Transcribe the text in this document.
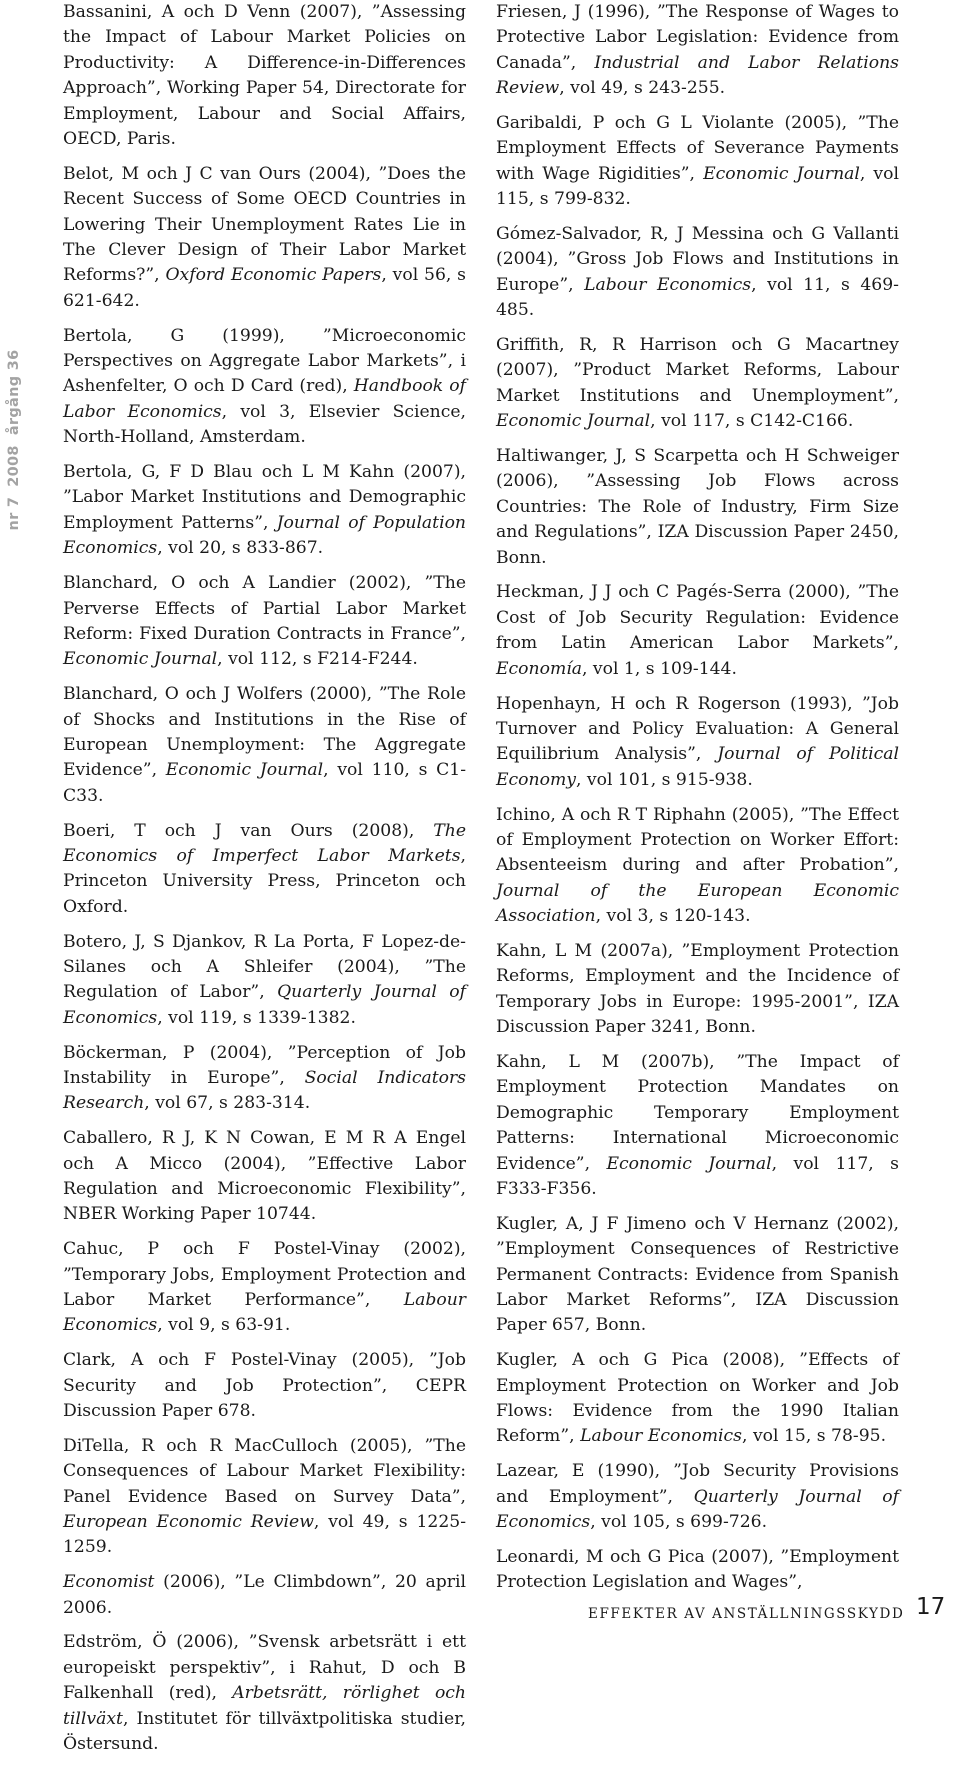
nr 72008årgång 36

Bassanini, A och D Venn (2007), ”Assessing the Impact of Labour Market Policies on Productivity: A Difference-in-Differences Approach”, Working Paper 54, Directorate for Employment, Labour and Social Affairs, OECD, Paris.

Belot, M och J C van Ours (2004), ”Does the Recent Success of Some OECD Countries in Lowering Their Unemployment Rates Lie in The Clever Design of Their Labor Market Reforms?”, Oxford Economic Papers, vol 56, s 621-642.

Bertola, G (1999), ”Microeconomic Perspectives on Aggregate Labor Markets”, i Ashenfelter, O och D Card (red), Handbook of Labor Economics, vol 3, Elsevier Science, North-Holland, Amsterdam.

Bertola, G, F D Blau och L M Kahn (2007), ”Labor Market Institutions and Demographic Employment Patterns”, Journal of Population Economics, vol 20, s 833-867.

Blanchard, O och A Landier (2002), ”The Perverse Effects of Partial Labor Market Reform: Fixed Duration Contracts in France”, Economic Journal, vol 112, s F214-F244.

Blanchard, O och J Wolfers (2000), ”The Role of Shocks and Institutions in the Rise of European Unemployment: The Aggregate Evidence”, Economic Journal, vol 110, s C1-C33.

Boeri, T och J van Ours (2008), The Economics of Imperfect Labor Markets, Princeton University Press, Princeton och Oxford.

Botero, J, S Djankov, R La Porta, F Lopez-de-Silanes och A Shleifer (2004), ”The Regulation of Labor”, Quarterly Journal of Economics, vol 119, s 1339-1382.

Böckerman, P (2004), ”Perception of Job Instability in Europe”, Social Indicators Research, vol 67, s 283-314.

Caballero, R J, K N Cowan, E M R A Engel och A Micco (2004), ”Effective Labor Regulation and Microeconomic Flexibility”, NBER Working Paper 10744.

Cahuc, P och F Postel-Vinay (2002), ”Temporary Jobs, Employment Protection and Labor Market Performance”, Labour Economics, vol 9, s 63-91.

Clark, A och F Postel-Vinay (2005), ”Job Security and Job Protection”, CEPR Discussion Paper 678.

DiTella, R och R MacCulloch (2005), ”The Consequences of Labour Market Flexibility: Panel Evidence Based on Survey Data”, European Economic Review, vol 49, s 1225-1259.

Economist (2006), ”Le Climbdown”, 20 april 2006.

Edström, Ö (2006), ”Svensk arbetsrätt i ett europeiskt perspektiv”, i Rahut, D och B Falkenhall (red), Arbetsrätt, rörlighet och tillväxt, Institutet för tillväxtpolitiska studier, Östersund.

Friesen, J (1996), ”The Response of Wages to Protective Labor Legislation: Evidence from Canada”, Industrial and Labor Relations Review, vol 49, s 243-255.

Garibaldi, P och G L Violante (2005), ”The Employment Effects of Severance Payments with Wage Rigidities”, Economic Journal, vol 115, s 799-832.

Gómez-Salvador, R, J Messina och G Vallanti (2004), ”Gross Job Flows and Institutions in Europe”, Labour Economics, vol 11, s 469-485.

Griffith, R, R Harrison och G Macartney (2007), ”Product Market Reforms, Labour Market Institutions and Unemployment”, Economic Journal, vol 117, s C142-C166.

Haltiwanger, J, S Scarpetta och H Schweiger (2006), ”Assessing Job Flows across Countries: The Role of Industry, Firm Size and Regulations”, IZA Discussion Paper 2450, Bonn.

Heckman, J J och C Pagés-Serra (2000), ”The Cost of Job Security Regulation: Evidence from Latin American Labor Markets”, Economía, vol 1, s 109-144.

Hopenhayn, H och R Rogerson (1993), ”Job Turnover and Policy Evaluation: A General Equilibrium Analysis”, Journal of Political Economy, vol 101, s 915-938.

Ichino, A och R T Riphahn (2005), ”The Effect of Employment Protection on Worker Effort: Absenteeism during and after Probation”, Journal of the European Economic Association, vol 3, s 120-143.

Kahn, L M (2007a), ”Employment Protection Reforms, Employment and the Incidence of Temporary Jobs in Europe: 1995-2001”, IZA Discussion Paper 3241, Bonn.

Kahn, L M (2007b), ”The Impact of Employment Protection Mandates on Demographic Temporary Employment Patterns: International Microeconomic Evidence”, Economic Journal, vol 117, s F333-F356.

Kugler, A, J F Jimeno och V Hernanz (2002), ”Employment Consequences of Restrictive Permanent Contracts: Evidence from Spanish Labor Market Reforms”, IZA Discussion Paper 657, Bonn.

Kugler, A och G Pica (2008), ”Effects of Employment Protection on Worker and Job Flows: Evidence from the 1990 Italian Reform”, Labour Economics, vol 15, s 78-95.

Lazear, E (1990), ”Job Security Provisions and Employment”, Quarterly Journal of Economics, vol 105, s 699-726.

Leonardi, M och G Pica (2007), ”Employment Protection Legislation and Wages”,

EFFEKTER AV ANSTÄLLNINGSSKYDD 17
